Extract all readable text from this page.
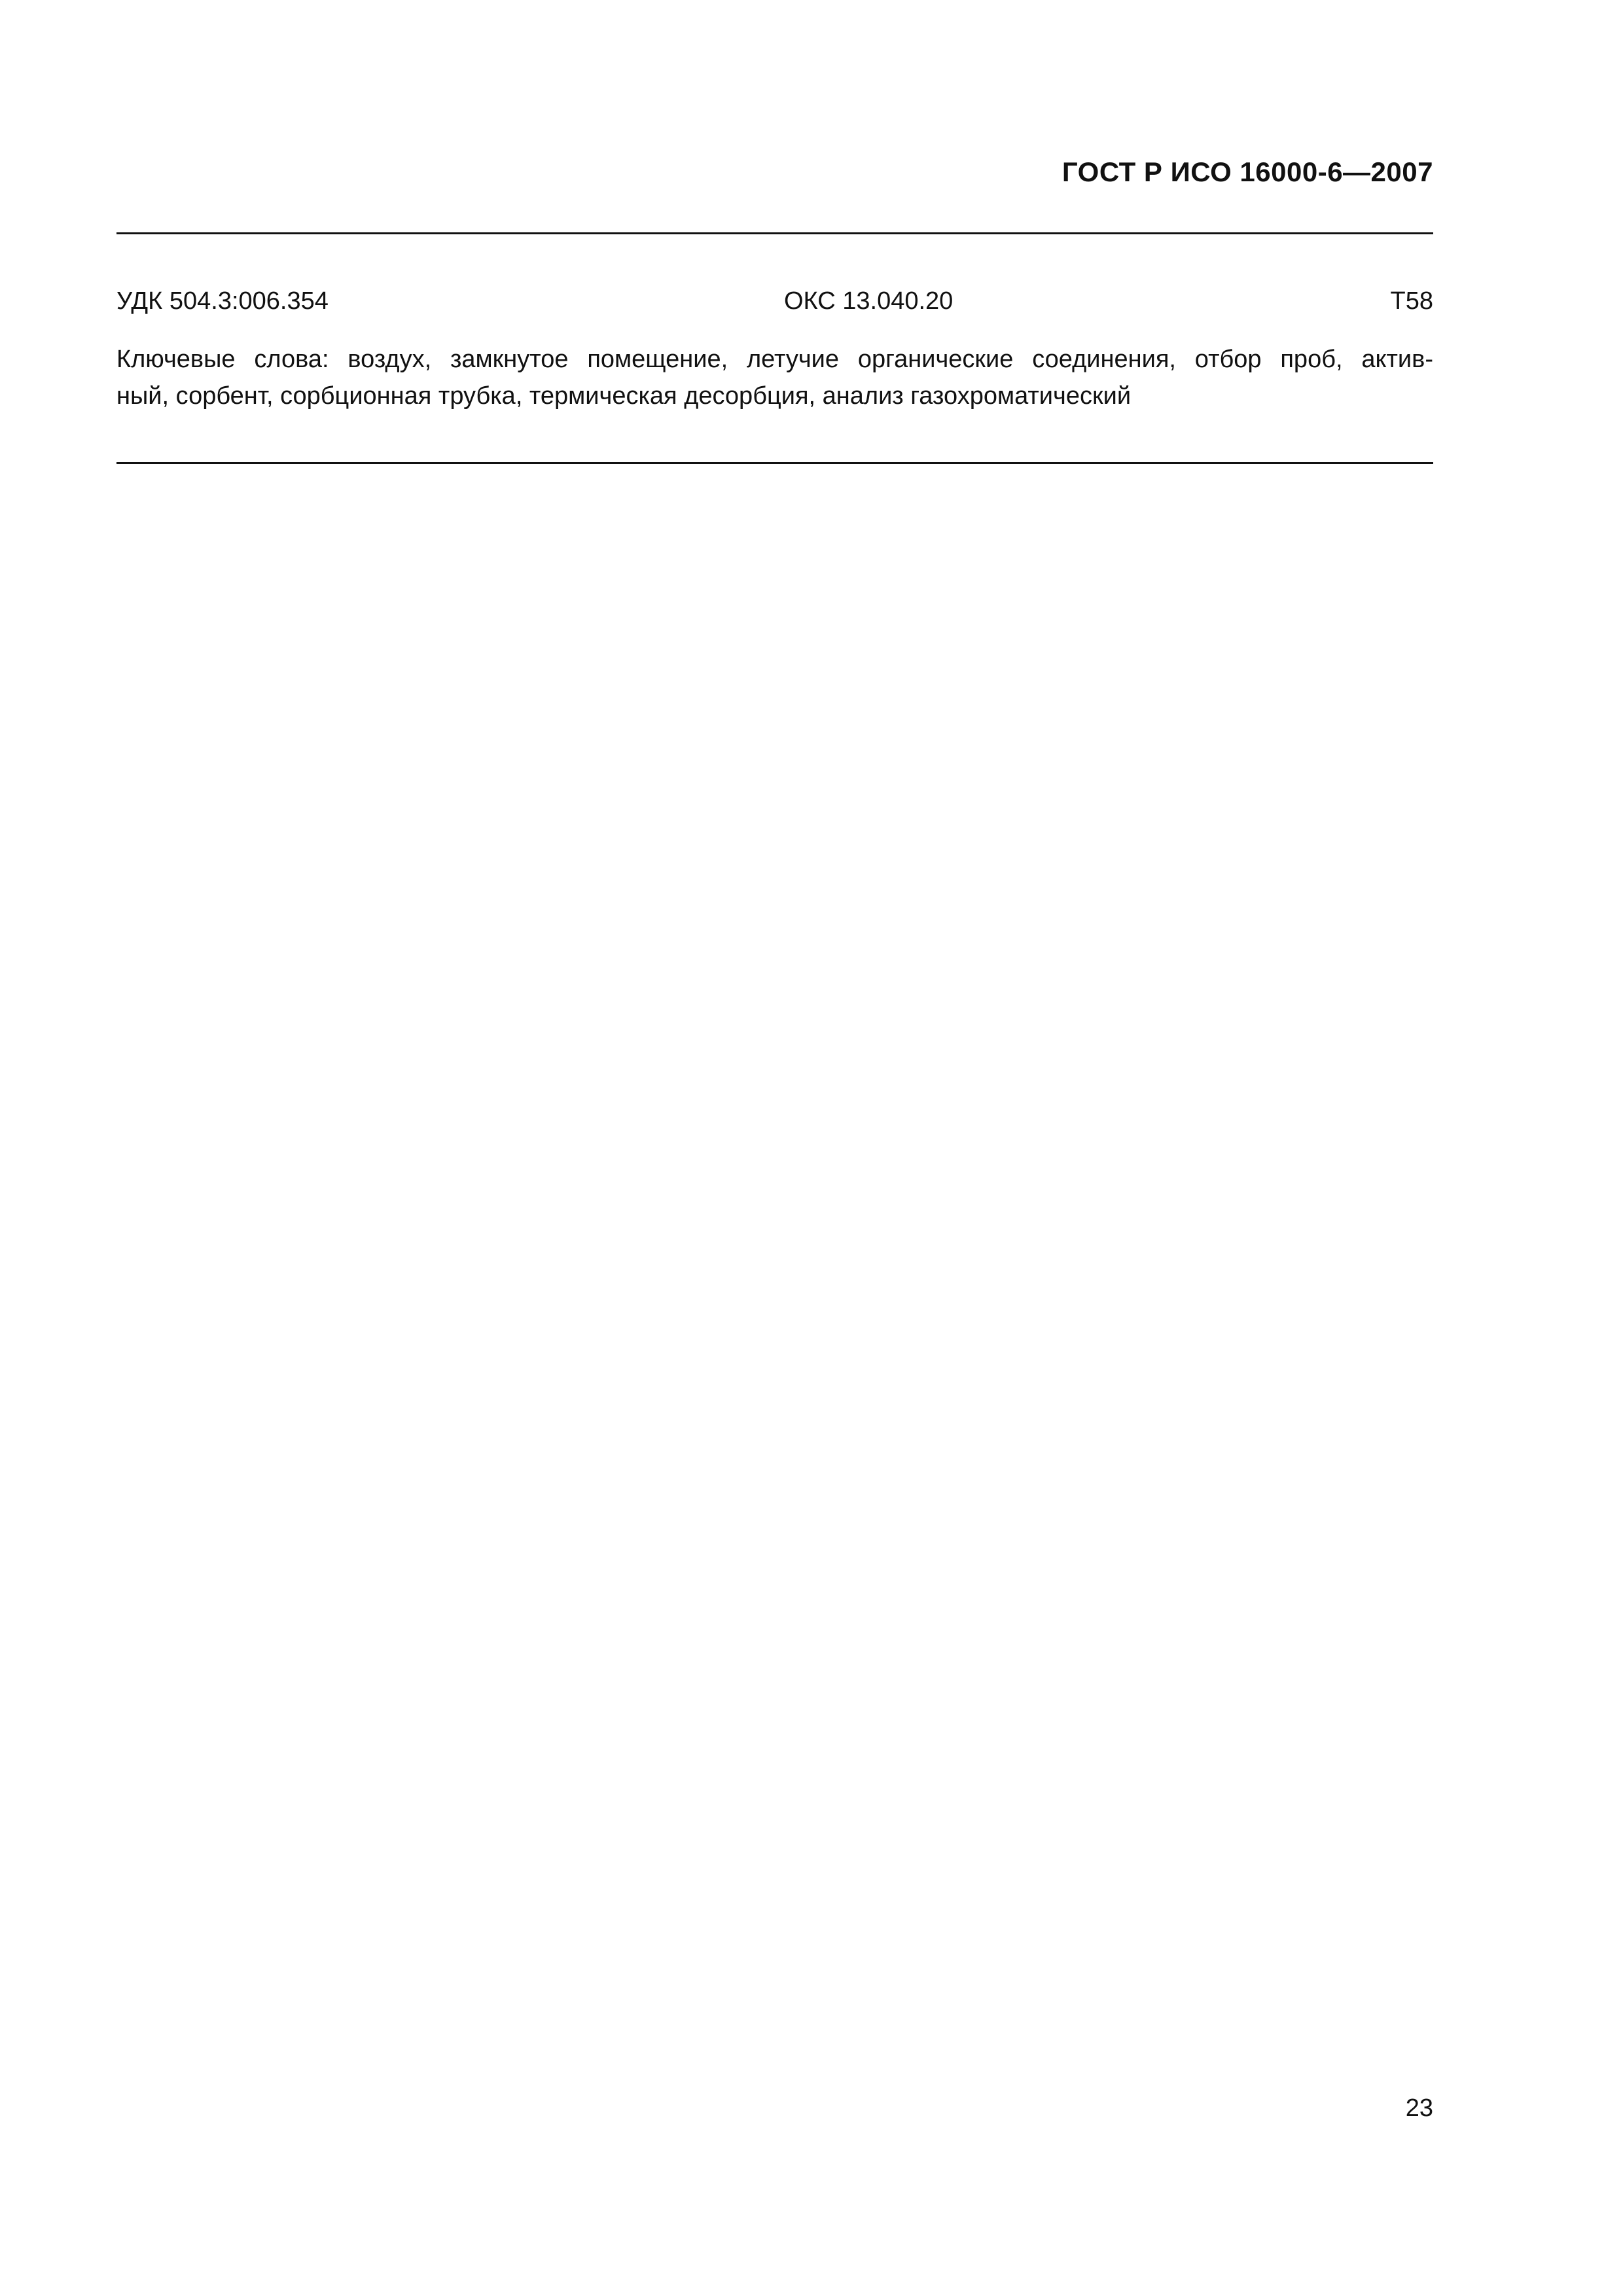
ГОСТ Р ИСО 16000-6—2007
УДК 504.3:006.354	ОКС 13.040.20	Т58
Ключевые слова: воздух, замкнутое помещение, летучие органические соединения, отбор проб, актив-
ный, сорбент, сорбционная трубка, термическая десорбция, анализ газохроматический
23
